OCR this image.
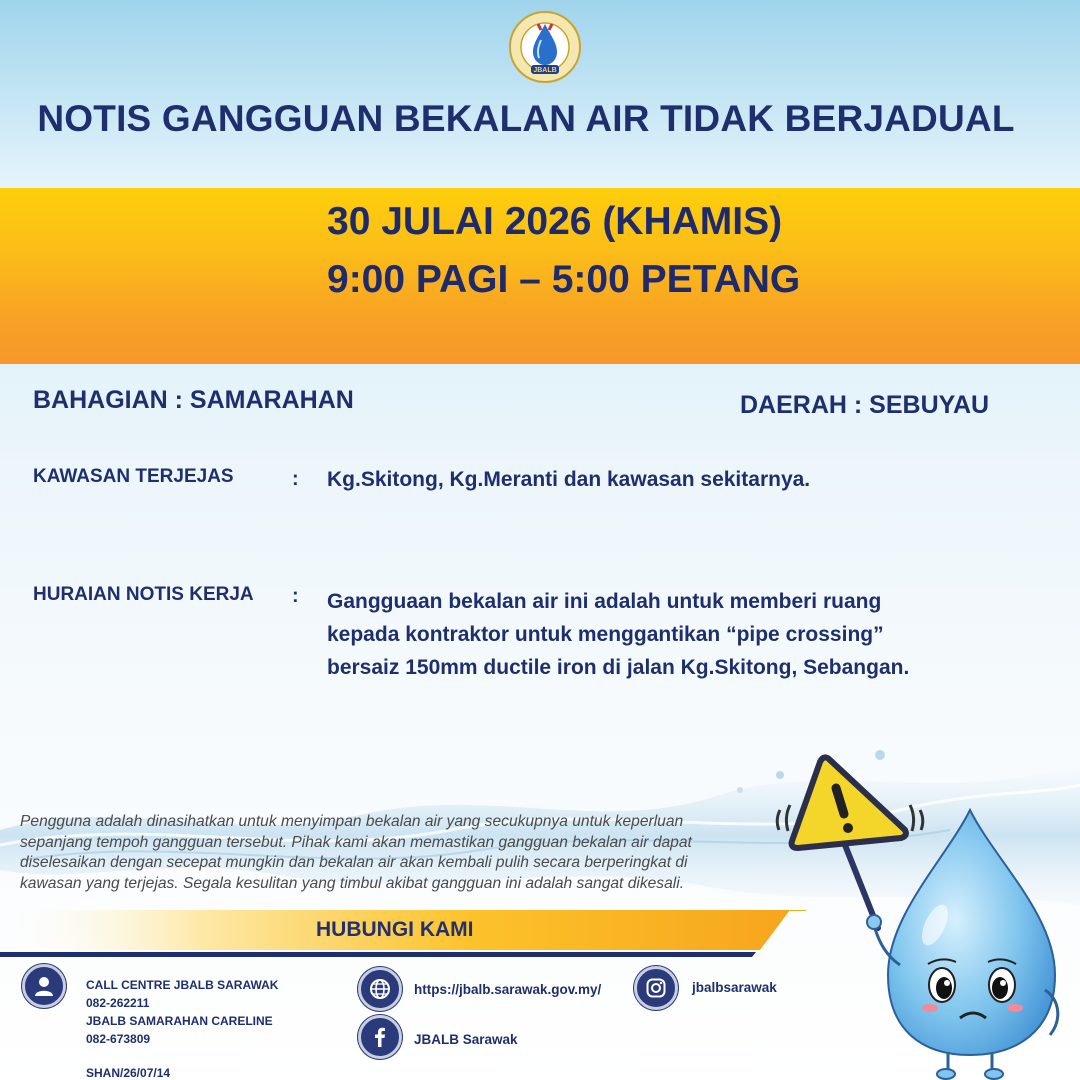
JBALB
NOTIS GANGGUAN BEKALAN AIR TIDAK BERJADUAL
30 JULAI 2026 (KHAMIS)
9:00 PAGI – 5:00 PETANG
BAHAGIAN : SAMARAHAN	DAERAH : SEBUYAU
KAWASAN TERJEJAS	: Kg.Skitong, Kg.Meranti dan kawasan sekitarnya.
HURAIAN NOTIS KERJA : Gangguaan bekalan air ini adalah untuk memberi ruang
kepada kontraktor untuk menggantikan “pipe crossing”
bersaiz 150mm ductile iron di jalan Kg.Skitong, Sebangan.
Pengguna adalah dinasihatkan untuk menyimpan bekalan air yang secukupnya untuk keperluan
sepanjang tempoh gangguan tersebut. Pihak kami akan memastikan gangguan bekalan air dapat
diselesaikan dengan secepat mungkin dan bekalan air akan kembali pulih secara berperingkat di
kawasan yang terjejas. Segala kesulitan yang timbul akibat gangguan ini adalah sangat dikesali.
HUBUNGI KAMI
CALL CENTRE JBALB SARAWAK
082-262211
JBALB SAMARAHAN CARELINE
082-673809
SHAN/26/07/14
https://jbalb.sarawak.gov.my/
JBALB Sarawak
jbalbsarawak
